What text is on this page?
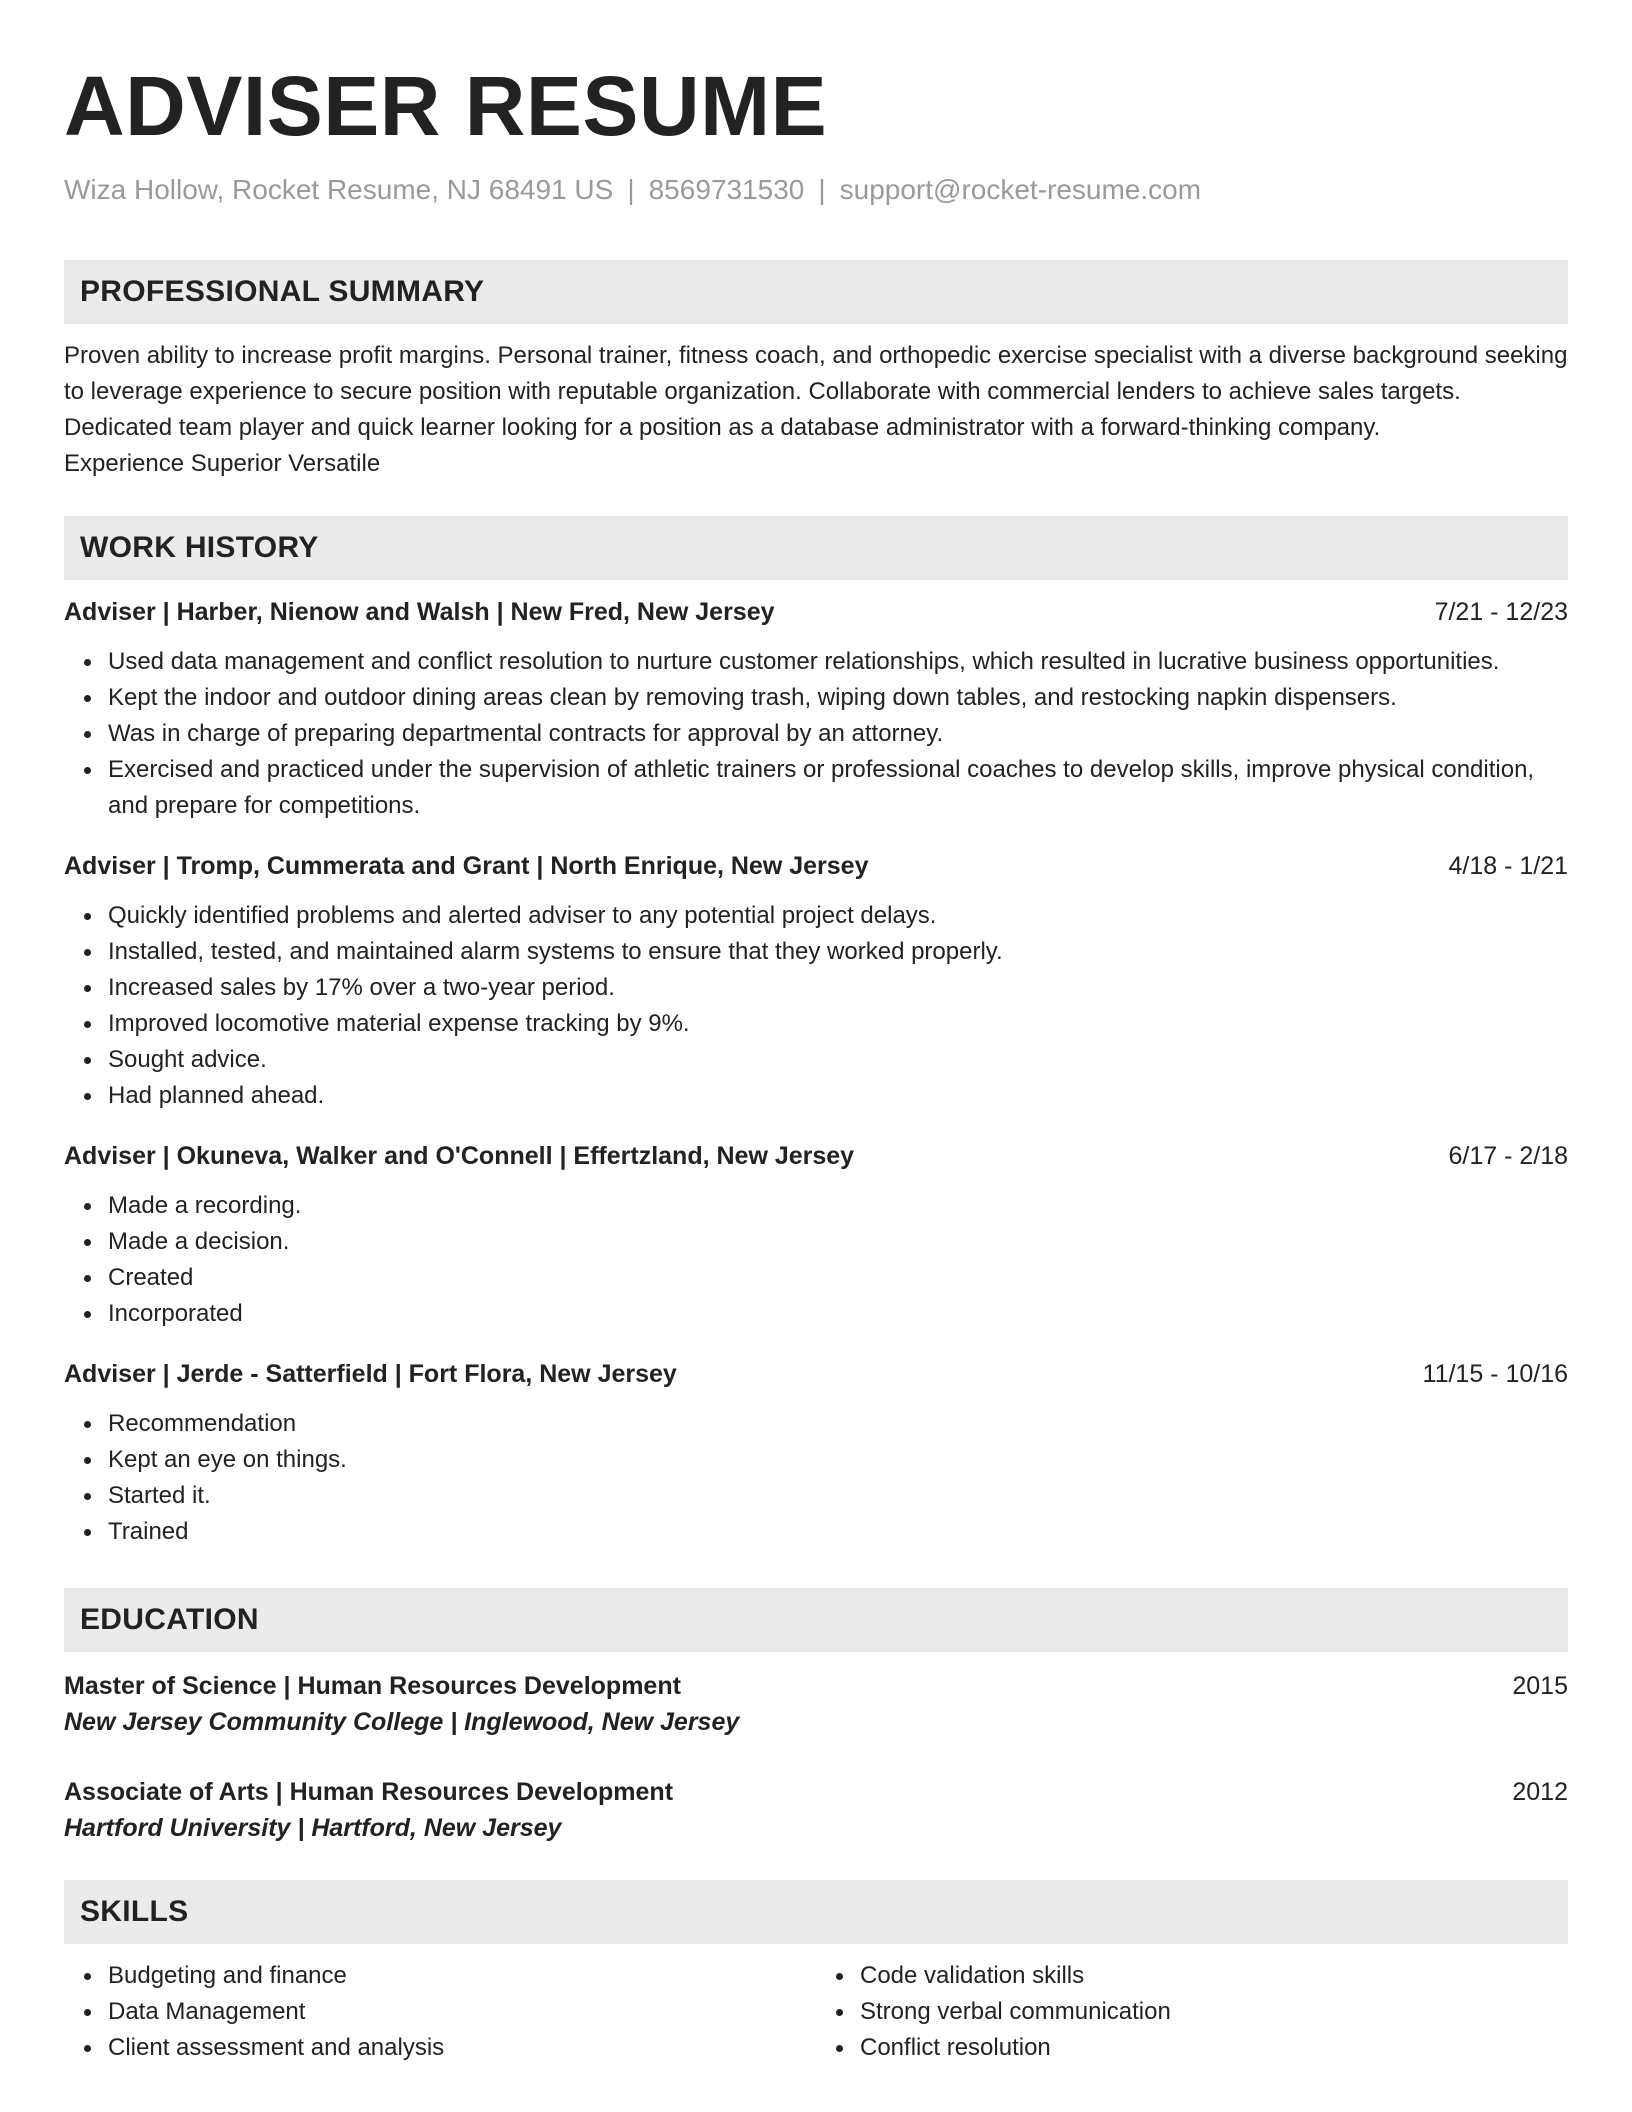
ADVISER RESUME
Wiza Hollow, Rocket Resume, NJ 68491 US | 8569731530 | support@rocket-resume.com
PROFESSIONAL SUMMARY

Proven ability to increase profit margins. Personal trainer, fitness coach, and orthopedic exercise specialist with a diverse background seeking to leverage experience to secure position with reputable organization. Collaborate with commercial lenders to achieve sales targets. Dedicated team player and quick learner looking for a position as a database administrator with a forward-thinking company.

Experience Superior Versatile

WORK HISTORY
Adviser | Harber, Nienow and Walsh | New Fred, New Jersey	7/21 - 12/23
Used data management and conflict resolution to nurture customer relationships, which resulted in lucrative business opportunities.
Kept the indoor and outdoor dining areas clean by removing trash, wiping down tables, and restocking napkin dispensers.
Was in charge of preparing departmental contracts for approval by an attorney.
Exercised and practiced under the supervision of athletic trainers or professional coaches to develop skills, improve physical condition, and prepare for competitions.
Adviser | Tromp, Cummerata and Grant | North Enrique, New Jersey	4/18 - 1/21
Quickly identified problems and alerted adviser to any potential project delays.
Installed, tested, and maintained alarm systems to ensure that they worked properly.
Increased sales by 17% over a two-year period.
Improved locomotive material expense tracking by 9%.
Sought advice.
Had planned ahead.
Adviser | Okuneva, Walker and O'Connell | Effertzland, New Jersey	6/17 - 2/18
Made a recording.
Made a decision.
Created
Incorporated
Adviser | Jerde - Satterfield | Fort Flora, New Jersey	11/15 - 10/16
Recommendation
Kept an eye on things.
Started it.
Trained
EDUCATION
Master of Science | Human Resources Development	2015
New Jersey Community College | Inglewood, New Jersey
Associate of Arts | Human Resources Development	2012
Hartford University | Hartford, New Jersey
SKILLS
Budgeting and finance
Data Management
Client assessment and analysis
Code validation skills
Strong verbal communication
Conflict resolution
